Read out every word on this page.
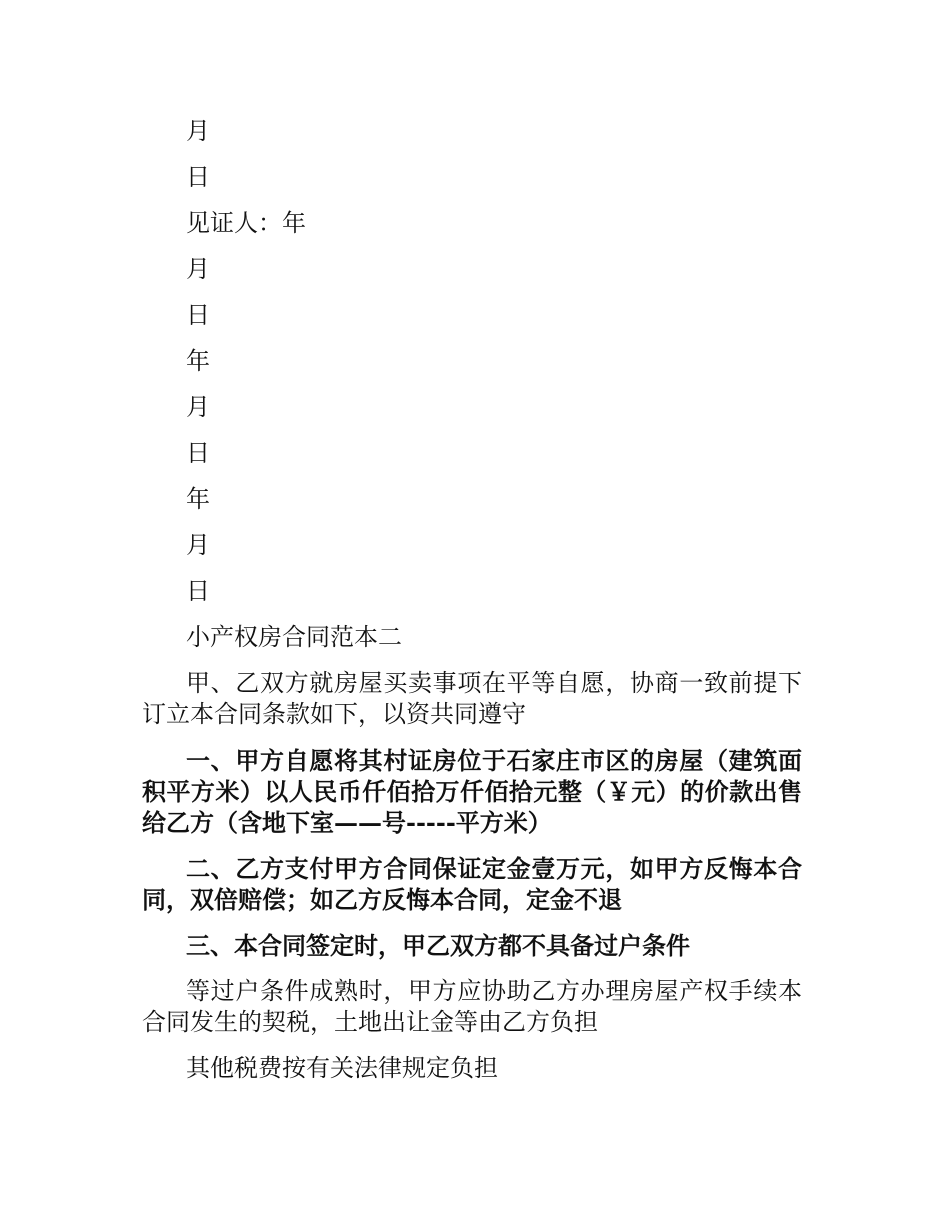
月
日
见证人：年
月
日
年
月
日
年
月
日
小产权房合同范本二

甲、乙双方就房屋买卖事项在平等自愿，协商一致前提下订立本合同条款如下，以资共同遵守

一、甲方自愿将其村证房位于石家庄市区的房屋（建筑面积平方米）以人民币仟佰拾万仟佰拾元整（￥元）的价款出售给乙方（含地下室——号-----平方米）

二、乙方支付甲方合同保证定金壹万元，如甲方反悔本合同，双倍赔偿；如乙方反悔本合同，定金不退

三、本合同签定时，甲乙双方都不具备过户条件

等过户条件成熟时，甲方应协助乙方办理房屋产权手续本合同发生的契税，土地出让金等由乙方负担

其他税费按有关法律规定负担
